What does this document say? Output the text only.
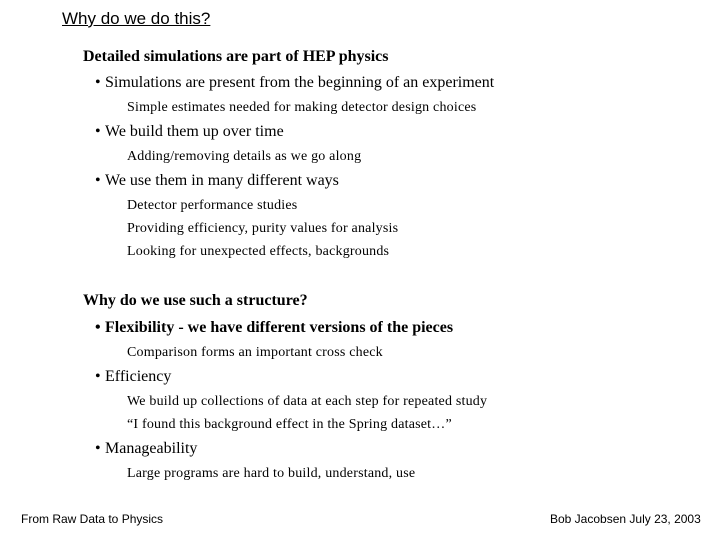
Why do we do this?
Detailed simulations are part of HEP physics
• Simulations are present from the beginning of an experiment
Simple estimates needed for making detector design choices
• We build them up over time
Adding/removing details as we go along
• We use them in many different ways
Detector performance studies
Providing efficiency, purity values for analysis
Looking for unexpected effects, backgrounds
Why do we use such a structure?
• Flexibility - we have different versions of the pieces
Comparison forms an important cross check
• Efficiency
We build up collections of data at each step for repeated study
“I found this background effect in the Spring dataset…”
• Manageability
Large programs are hard to build, understand, use
From Raw Data to Physics	Bob Jacobsen July 23, 2003
